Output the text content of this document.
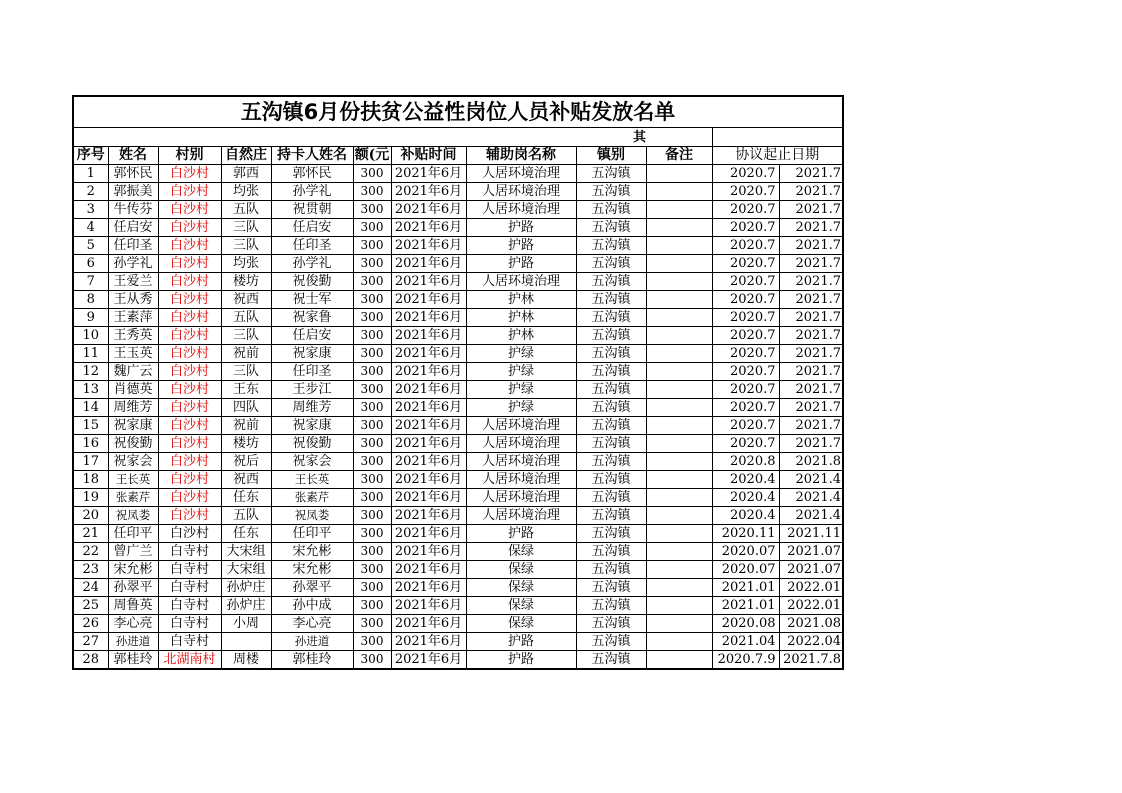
五沟镇6月份扶贫公益性岗位人员补贴发放名单											
其											
序号	姓名	村别	自然庄	持卡人姓名	额(元	补贴时间	辅助岗名称	镇别	备注	协议起止日期	
1	郭怀民	白沙村	郭西	郭怀民	300	2021年6月	人居环境治理	五沟镇		2020.7	2021.7
2	郭振美	白沙村	均张	孙学礼	300	2021年6月	人居环境治理	五沟镇		2020.7	2021.7
3	牛传芬	白沙村	五队	祝贯朝	300	2021年6月	人居环境治理	五沟镇		2020.7	2021.7
4	任启安	白沙村	三队	任启安	300	2021年6月	护路	五沟镇		2020.7	2021.7
5	任印圣	白沙村	三队	任印圣	300	2021年6月	护路	五沟镇		2020.7	2021.7
6	孙学礼	白沙村	均张	孙学礼	300	2021年6月	护路	五沟镇		2020.7	2021.7
7	王爱兰	白沙村	楼坊	祝俊勤	300	2021年6月	人居环境治理	五沟镇		2020.7	2021.7
8	王从秀	白沙村	祝西	祝士军	300	2021年6月	护林	五沟镇		2020.7	2021.7
9	王素萍	白沙村	五队	祝家鲁	300	2021年6月	护林	五沟镇		2020.7	2021.7
10	王秀英	白沙村	三队	任启安	300	2021年6月	护林	五沟镇		2020.7	2021.7
11	王玉英	白沙村	祝前	祝家康	300	2021年6月	护绿	五沟镇		2020.7	2021.7
12	魏广云	白沙村	三队	任印圣	300	2021年6月	护绿	五沟镇		2020.7	2021.7
13	肖德英	白沙村	王东	王步江	300	2021年6月	护绿	五沟镇		2020.7	2021.7
14	周维芳	白沙村	四队	周维芳	300	2021年6月	护绿	五沟镇		2020.7	2021.7
15	祝家康	白沙村	祝前	祝家康	300	2021年6月	人居环境治理	五沟镇		2020.7	2021.7
16	祝俊勤	白沙村	楼坊	祝俊勤	300	2021年6月	人居环境治理	五沟镇		2020.7	2021.7
17	祝家会	白沙村	祝后	祝家会	300	2021年6月	人居环境治理	五沟镇		2020.8	2021.8
18	王长英	白沙村	祝西	王长英	300	2021年6月	人居环境治理	五沟镇		2020.4	2021.4
19	张素芹	白沙村	任东	张素芹	300	2021年6月	人居环境治理	五沟镇		2020.4	2021.4
20	祝凤娄	白沙村	五队	祝凤娄	300	2021年6月	人居环境治理	五沟镇		2020.4	2021.4
21	任印平	白沙村	任东	任印平	300	2021年6月	护路	五沟镇		2020.11	2021.11
22	曾广兰	白寺村	大宋组	宋允彬	300	2021年6月	保绿	五沟镇		2020.07	2021.07
23	宋允彬	白寺村	大宋组	宋允彬	300	2021年6月	保绿	五沟镇		2020.07	2021.07
24	孙翠平	白寺村	孙炉庄	孙翠平	300	2021年6月	保绿	五沟镇		2021.01	2022.01
25	周鲁英	白寺村	孙炉庄	孙中成	300	2021年6月	保绿	五沟镇		2021.01	2022.01
26	李心亮	白寺村	小周	李心亮	300	2021年6月	保绿	五沟镇		2020.08	2021.08
27	孙进道	白寺村		孙进道	300	2021年6月	护路	五沟镇		2021.04	2022.04
28	郭桂玲	北湖南村	周楼	郭桂玲	300	2021年6月	护路	五沟镇		2020.7.9	2021.7.8
